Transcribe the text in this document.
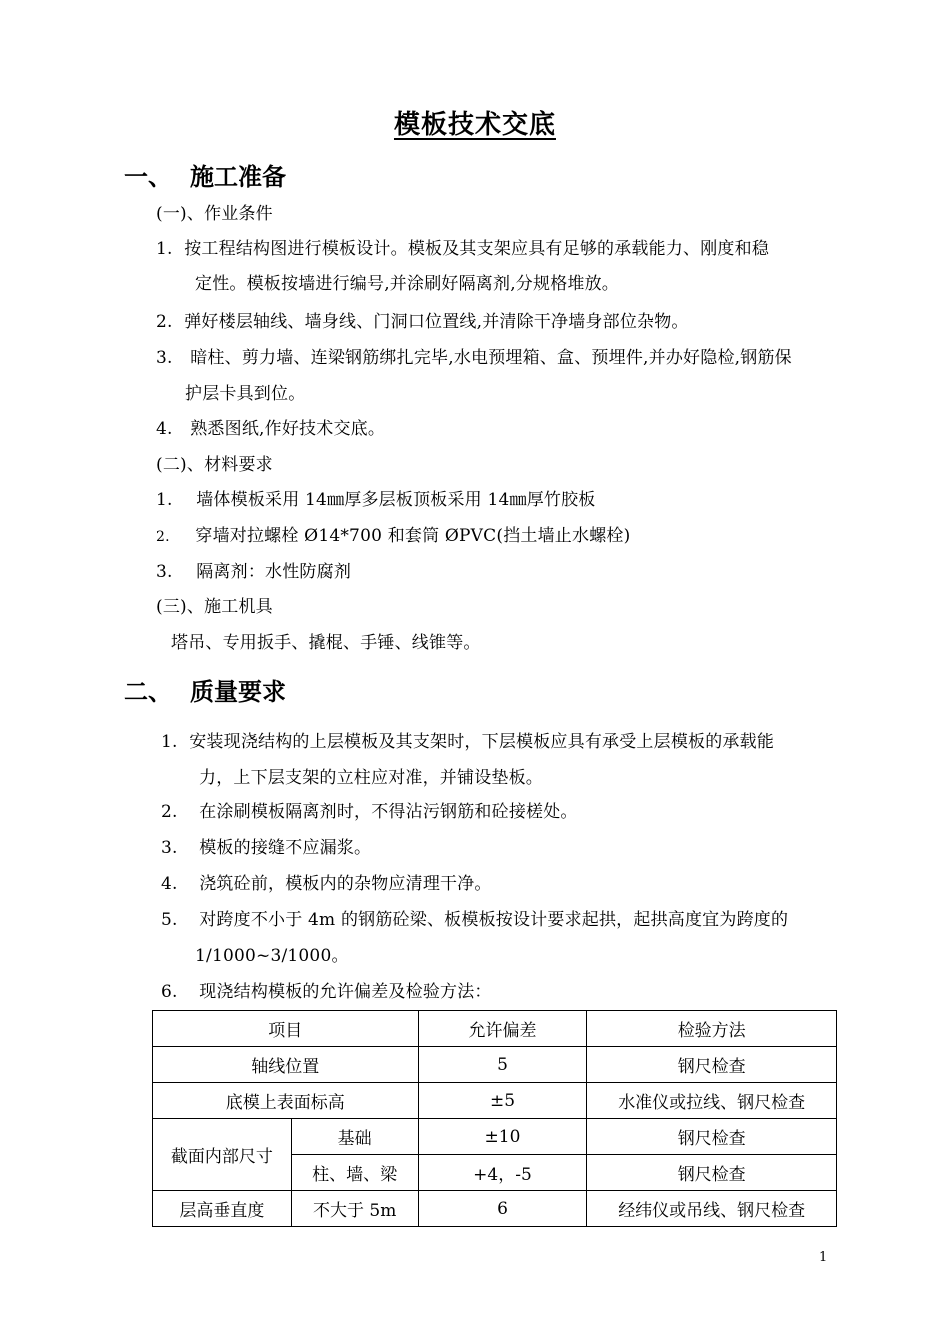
模板技术交底
一、 施工准备
(一)、作业条件
1. 按工程结构图进行模板设计。模板及其支架应具有足够的承载能力、刚度和稳
定性。模板按墙进行编号,并涂刷好隔离剂,分规格堆放。
2. 弹好楼层轴线、墙身线、门洞口位置线,并清除干净墙身部位杂物。
3. 暗柱、剪力墙、连梁钢筋绑扎完毕,水电预埋箱、盒、预埋件,并办好隐检,钢筋保
护层卡具到位。
4. 熟悉图纸,作好技术交底。
(二)、材料要求
1. 墙体模板采用 14㎜厚多层板顶板采用 14㎜厚竹胶板
2. 穿墙对拉螺栓 Ø14*700 和套筒 ØPVC(挡土墙止水螺栓)
3. 隔离剂：水性防腐剂
(三)、施工机具
塔吊、专用扳手、撬棍、手锤、线锥等。
二、 质量要求
1. 安装现浇结构的上层模板及其支架时，下层模板应具有承受上层模板的承载能
力，上下层支架的立柱应对准，并铺设垫板。
2. 在涂刷模板隔离剂时，不得沾污钢筋和砼接槎处。
3. 模板的接缝不应漏浆。
4. 浇筑砼前，模板内的杂物应清理干净。
5. 对跨度不小于 4m 的钢筋砼梁、板模板按设计要求起拱，起拱高度宜为跨度的
1/1000~3/1000。
6. 现浇结构模板的允许偏差及检验方法：
项目		允许偏差	检验方法
轴线位置		5	钢尺检查
底模上表面标高		±5	水准仪或拉线、钢尺检查
截面内部尺寸	基础	±10	钢尺检查
	柱、墙、梁	+4，-5	钢尺检查
层高垂直度	不大于 5m	6	经纬仪或吊线、钢尺检查
1
